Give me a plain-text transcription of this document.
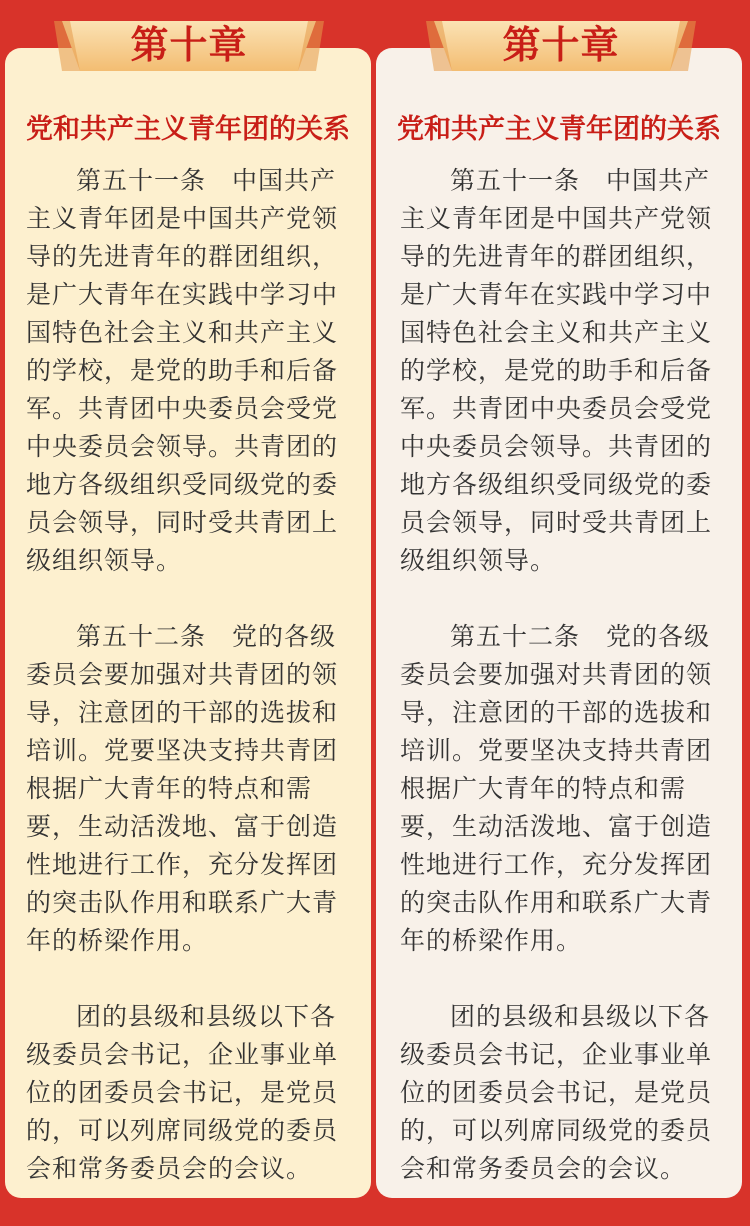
第十章	第十章
党和共产主义青年团的关系

第五十一条　中国共产主义青年团是中国共产党领导的先进青年的群团组织，是广大青年在实践中学习中国特色社会主义和共产主义的学校，是党的助手和后备军。共青团中央委员会受党中央委员会领导。共青团的地方各级组织受同级党的委员会领导，同时受共青团上级组织领导。

第五十二条　党的各级委员会要加强对共青团的领导，注意团的干部的选拔和培训。党要坚决支持共青团根据广大青年的特点和需要，生动活泼地、富于创造性地进行工作，充分发挥团的突击队作用和联系广大青年的桥梁作用。

团的县级和县级以下各级委员会书记，企业事业单位的团委员会书记，是党员的，可以列席同级党的委员会和常务委员会的会议。

党和共产主义青年团的关系

第五十一条　中国共产主义青年团是中国共产党领导的先进青年的群团组织，是广大青年在实践中学习中国特色社会主义和共产主义的学校，是党的助手和后备军。共青团中央委员会受党中央委员会领导。共青团的地方各级组织受同级党的委员会领导，同时受共青团上级组织领导。

第五十二条　党的各级委员会要加强对共青团的领导，注意团的干部的选拔和培训。党要坚决支持共青团根据广大青年的特点和需要，生动活泼地、富于创造性地进行工作，充分发挥团的突击队作用和联系广大青年的桥梁作用。

团的县级和县级以下各级委员会书记，企业事业单位的团委员会书记，是党员的，可以列席同级党的委员会和常务委员会的会议。
